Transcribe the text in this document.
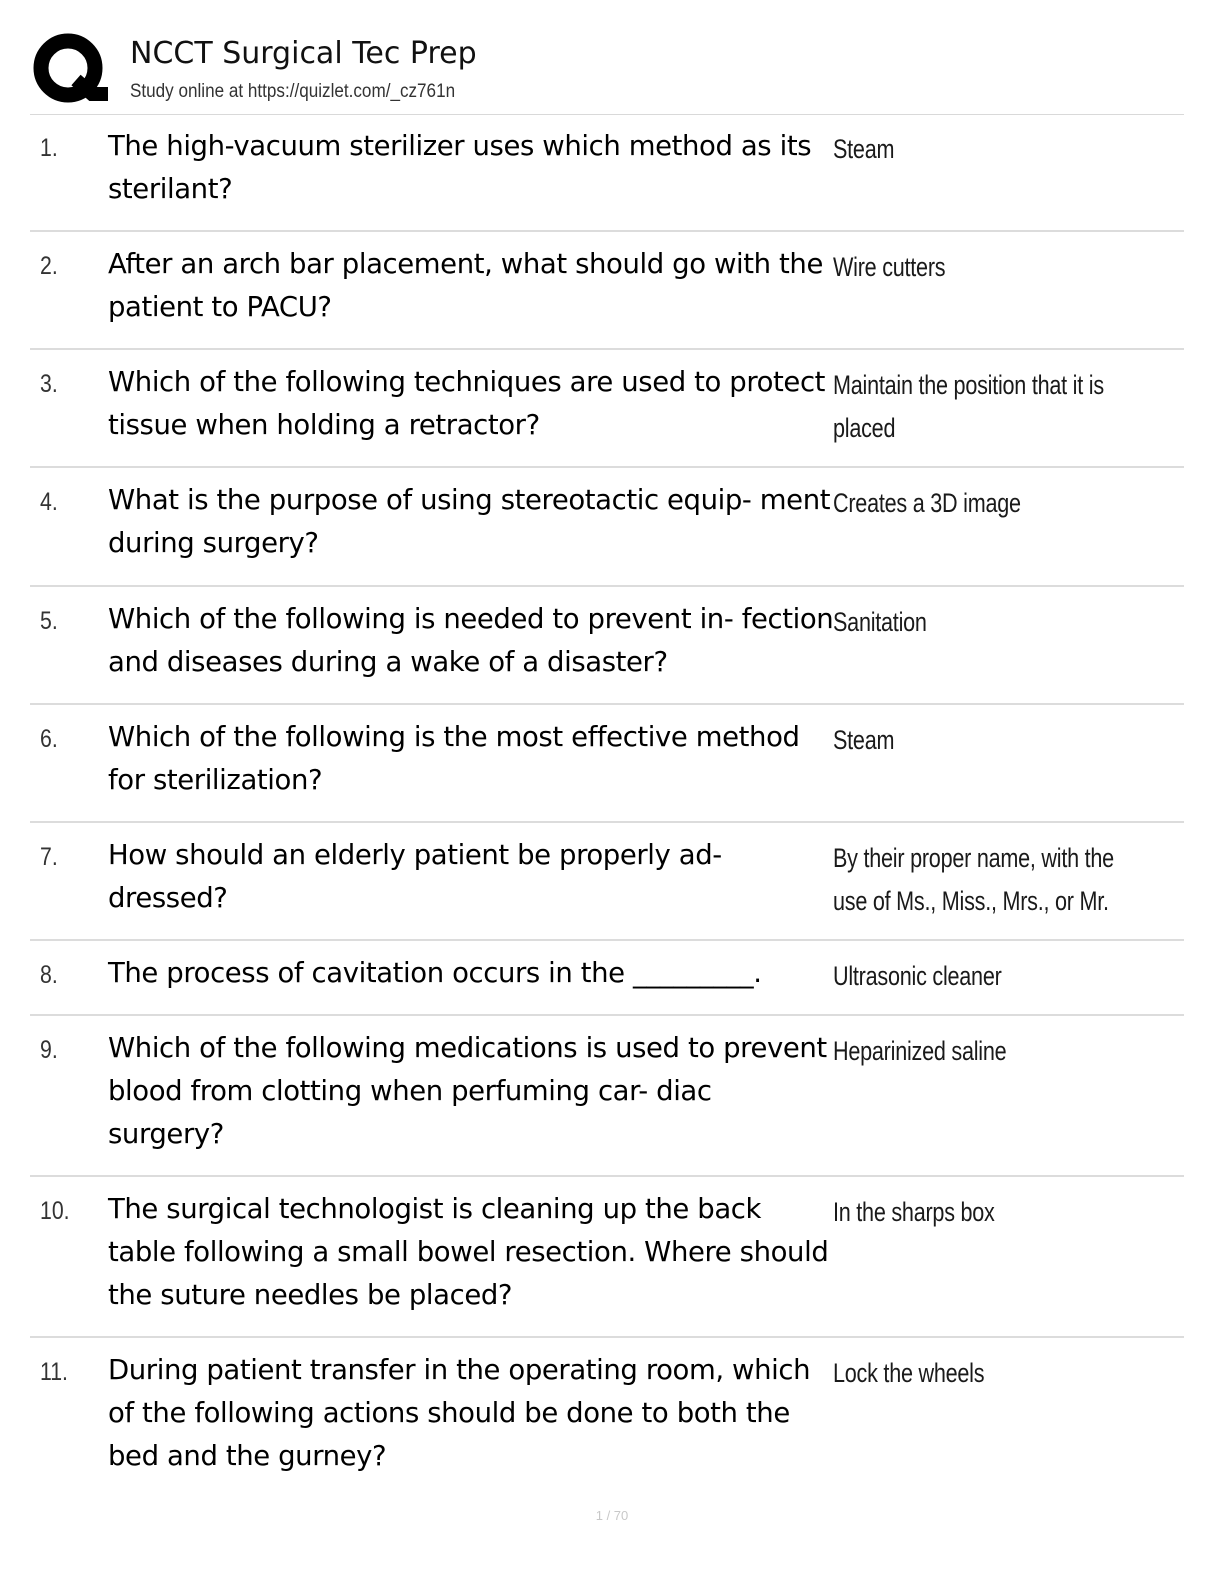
NCCT Surgical Tec Prep
Study online at https://quizlet.com/_cz761n
1. The high-vacuum sterilizer uses which method as its sterilant?
Steam
2. After an arch bar placement, what should go with the patient to PACU?
Wire cutters
3. Which of the following techniques are used to protect tissue when holding a retractor?
Maintain the position that it is placed
4. What is the purpose of using stereotactic equip- ment during surgery?
Creates a 3D image
5. Which of the following is needed to prevent in- fection and diseases during a wake of a disaster?
Sanitation
6. Which of the following is the most effective method for sterilization?
Steam
7. How should an elderly patient be properly ad- dressed?
By their proper name, with the use of Ms., Miss., Mrs., or Mr.
8. The process of cavitation occurs in the _________.	Ultrasonic cleaner
9. Which of the following medications is used to prevent blood from clotting when perfuming car- diac surgery?
Heparinized saline
10. The surgical technologist is cleaning up the back table following a small bowel resection. Where should the suture needles be placed?
In the sharps box
11. During patient transfer in the operating room, which of the following actions should be done to both the bed and the gurney?
Lock the wheels
1 / 70
